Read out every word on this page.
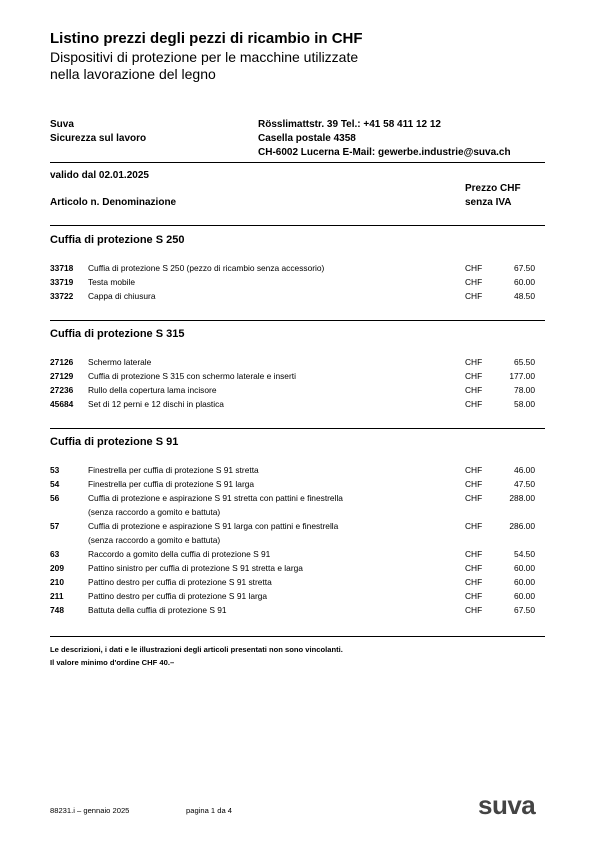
Listino prezzi degli pezzi di ricambio in CHF
Dispositivi di protezione per le macchine utilizzate
nella lavorazione del legno
Suva
Sicurezza sul lavoro
Rösslimattstr. 39 Tel.: +41 58 411 12 12
Casella postale 4358
CH-6002 Lucerna E-Mail: gewerbe.industrie@suva.ch
valido dal 02.01.2025
Prezzo CHF
Articolo n. Denominazione	senza IVA
Cuffia di protezione S 250
33718 Cuffia di protezione S 250 (pezzo di ricambio senza accessorio)	CHF	67.50
33719 Testa mobile	CHF	60.00
33722 Cappa di chiusura	CHF	48.50
Cuffia di protezione S 315
27126 Schermo laterale	CHF	65.50
27129 Cuffia di protezione S 315 con schermo laterale e inserti	CHF	177.00
27236 Rullo della copertura lama incisore	CHF	78.00
45684 Set di 12 perni e 12 dischi in plastica	CHF	58.00
Cuffia di protezione S 91
53	Finestrella per cuffia di protezione S 91 stretta	CHF	46.00
54	Finestrella per cuffia di protezione S 91 larga	CHF	47.50
56	Cuffia di protezione e aspirazione S 91 stretta con pattini e finestrella	CHF	288.00
(senza raccordo a gomito e battuta)
57	Cuffia di protezione e aspirazione S 91 larga con pattini e finestrella	CHF	286.00
(senza raccordo a gomito e battuta)
63	Raccordo a gomito della cuffia di protezione S 91	CHF	54.50
209	Pattino sinistro per cuffia di protezione S 91 stretta e larga	CHF	60.00
210	Pattino destro per cuffia di protezione S 91 stretta	CHF	60.00
211	Pattino destro per cuffia di protezione S 91 larga	CHF	60.00
748	Battuta della cuffia di protezione S 91	CHF	67.50
Le descrizioni, i dati e le illustrazioni degli articoli presentati non sono vincolanti.
Il valore minimo d'ordine CHF 40.–
88231.i – gennaio 2025	pagina 1 da 4	suva
